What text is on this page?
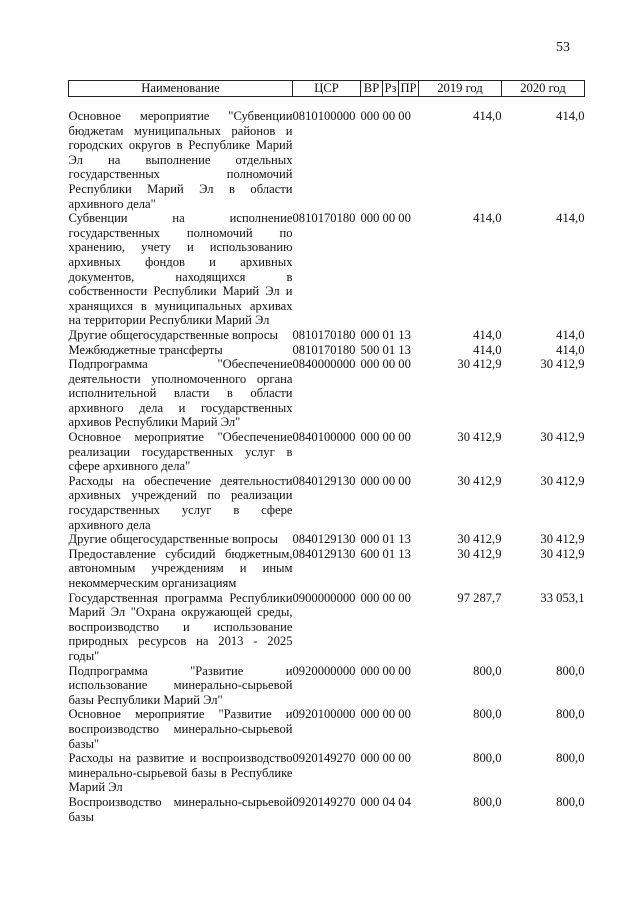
53
Наименование	ЦСР	ВР	Рз	ПР	2019 год	2020 год

Основное мероприятие "Субвенции бюджетам муниципальных районов и городских округов в Республике Марий Эл на выполнение отдельных государственных полномочий Республики Марий Эл в области архивного дела"	0810100000	000 00 00			414,0	414,0
Субвенции на исполнение государственных полномочий по хранению, учету и использованию архивных фондов и архивных документов, находящихся в собственности Республики Марий Эл и хранящихся в муниципальных архивах на территории Республики Марий Эл	0810170180	000 00 00			414,0	414,0
Другие общегосударственные вопросы	0810170180	000 01 13			414,0	414,0
Межбюджетные трансферты	0810170180	500 01 13			414,0	414,0
Подпрограмма "Обеспечение деятельности уполномоченного органа исполнительной власти в области архивного дела и государственных архивов Республики Марий Эл"	0840000000	000 00 00			30 412,9	30 412,9
Основное мероприятие "Обеспечение реализации государственных услуг в сфере архивного дела"	0840100000	000 00 00			30 412,9	30 412,9
Расходы на обеспечение деятельности архивных учреждений по реализации государственных услуг в сфере архивного дела	0840129130	000 00 00			30 412,9	30 412,9
Другие общегосударственные вопросы	0840129130	000 01 13			30 412,9	30 412,9
Предоставление субсидий бюджетным, автономным учреждениям и иным некоммерческим организациям	0840129130	600 01 13			30 412,9	30 412,9
Государственная программа Республики Марий Эл "Охрана окружающей среды, воспроизводство и использование природных ресурсов на 2013 - 2025 годы"	0900000000	000 00 00			97 287,7	33 053,1
Подпрограмма "Развитие и использование минерально-сырьевой базы Республики Марий Эл"	0920000000	000 00 00			800,0	800,0
Основное мероприятие "Развитие и воспроизводство минерально-сырьевой базы"	0920100000	000 00 00			800,0	800,0
Расходы на развитие и воспроизводство минерально-сырьевой базы в Республике Марий Эл	0920149270	000 00 00			800,0	800,0
Воспроизводство минерально-сырьевой базы	0920149270	000 04 04			800,0	800,0
